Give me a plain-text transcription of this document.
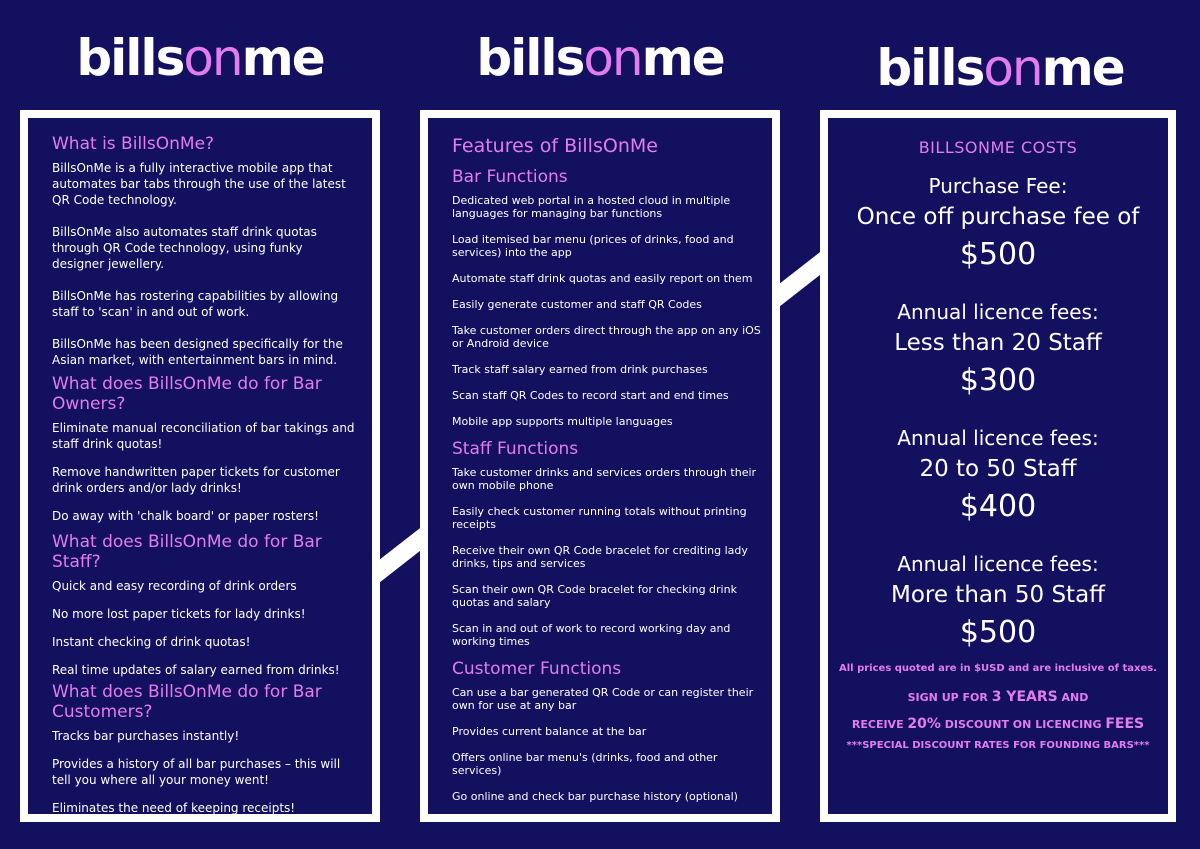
billsonme	billsonme	billsonme
What is BillsOnMe?

BillsOnMe is a fully interactive mobile app that automates bar tabs through the use of the latest QR Code technology.

BillsOnMe also automates staff drink quotas through QR Code technology, using funky designer jewellery.

BillsOnMe has rostering capabilities by allowing staff to 'scan' in and out of work.

BillsOnMe has been designed specifically for the Asian market, with entertainment bars in mind.

What does BillsOnMe do for Bar Owners?

Eliminate manual reconciliation of bar takings and staff drink quotas!

Remove handwritten paper tickets for customer drink orders and/or lady drinks!

Do away with 'chalk board' or paper rosters!

What does BillsOnMe do for Bar Staff?

Quick and easy recording of drink orders

No more lost paper tickets for lady drinks!

Instant checking of drink quotas!

Real time updates of salary earned from drinks!

What does BillsOnMe do for Bar Customers?

Tracks bar purchases instantly!

Provides a history of all bar purchases – this will tell you where all your money went!

Eliminates the need of keeping receipts!

Features of BillsOnMe
Bar Functions

Dedicated web portal in a hosted cloud in multiple languages for managing bar functions

Load itemised bar menu (prices of drinks, food and services) into the app

Automate staff drink quotas and easily report on them

Easily generate customer and staff QR Codes

Take customer orders direct through the app on any iOS or Android device

Track staff salary earned from drink purchases

Scan staff QR Codes to record start and end times

Mobile app supports multiple languages

Staff Functions

Take customer drinks and services orders through their own mobile phone

Easily check customer running totals without printing receipts

Receive their own QR Code bracelet for crediting lady drinks, tips and services

Scan their own QR Code bracelet for checking drink quotas and salary

Scan in and out of work to record working day and working times

Customer Functions

Can use a bar generated QR Code or can register their own for use at any bar

Provides current balance at the bar

Offers online bar menu's (drinks, food and other services)

Go online and check bar purchase history (optional)

BILLSONME COSTS
Purchase Fee:
Once off purchase fee of
$500
Annual licence fees:
Less than 20 Staff
$300
Annual licence fees:
20 to 50 Staff
$400
Annual licence fees:
More than 50 Staff
$500
All prices quoted are in $USD and are inclusive of taxes.
SIGN UP FOR 3 YEARS AND
RECEIVE 20% DISCOUNT ON LICENCING FEES
***SPECIAL DISCOUNT RATES FOR FOUNDING BARS***
